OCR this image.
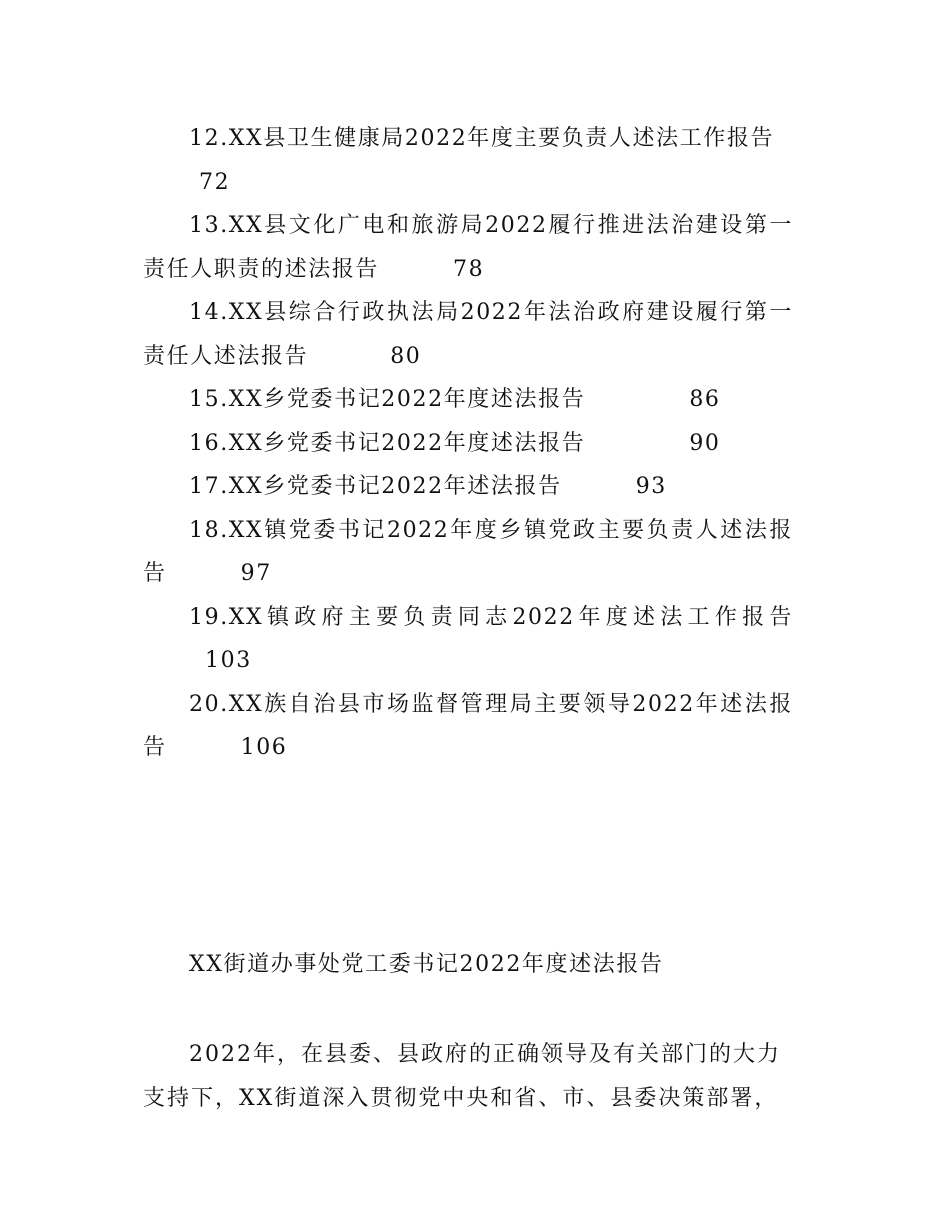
12.XX县卫生健康局2022年度主要负责人述法工作报告
72

13.XX县文化广电和旅游局2022履行推进法治建设第一责任人职责的述法报告	78

14.XX县综合行政执法局2022年法治政府建设履行第一责任人述法报告	80

15.XX乡党委书记2022年度述法报告	86

16.XX乡党委书记2022年度述法报告	90

17.XX乡党委书记2022年述法报告	93

18.XX镇党委书记2022年度乡镇党政主要负责人述法报告	97

19.XX镇政府主要负责同志2022年度述法工作报告103

20.XX族自治县市场监督管理局主要领导2022年述法报告	106

XX街道办事处党工委书记2022年度述法报告

2022年，在县委、县政府的正确领导及有关部门的大力支持下，XX街道深入贯彻党中央和省、市、县委决策部署，
